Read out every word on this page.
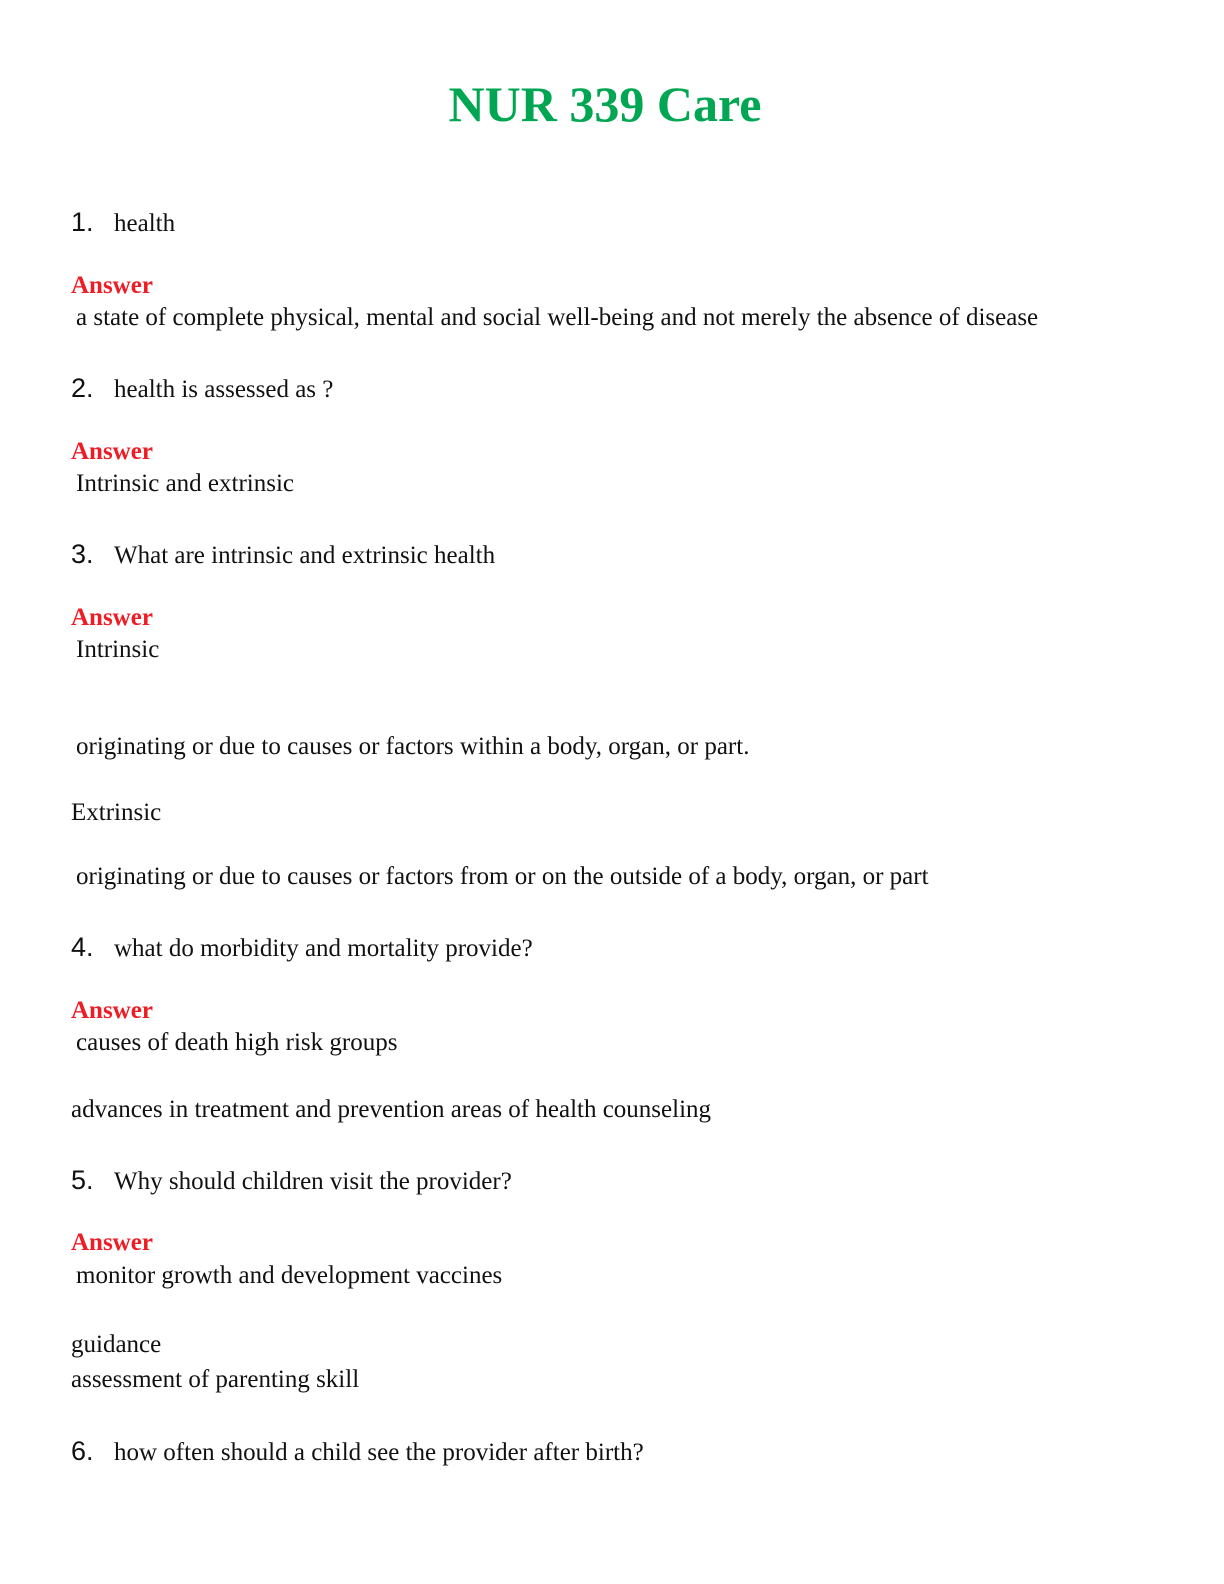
NUR 339 Care
1. health
Answer
a state of complete physical, mental and social well-being and not merely the absence of disease
2. health is assessed as ?
Answer
Intrinsic and extrinsic
3. What are intrinsic and extrinsic health
Answer
Intrinsic
originating or due to causes or factors within a body, organ, or part.
Extrinsic
originating or due to causes or factors from or on the outside of a body, organ, or part
4. what do morbidity and mortality provide?
Answer
causes of death high risk groups
advances in treatment and prevention areas of health counseling
5. Why should children visit the provider?
Answer
monitor growth and development vaccines
guidance
assessment of parenting skill
6. how often should a child see the provider after birth?
